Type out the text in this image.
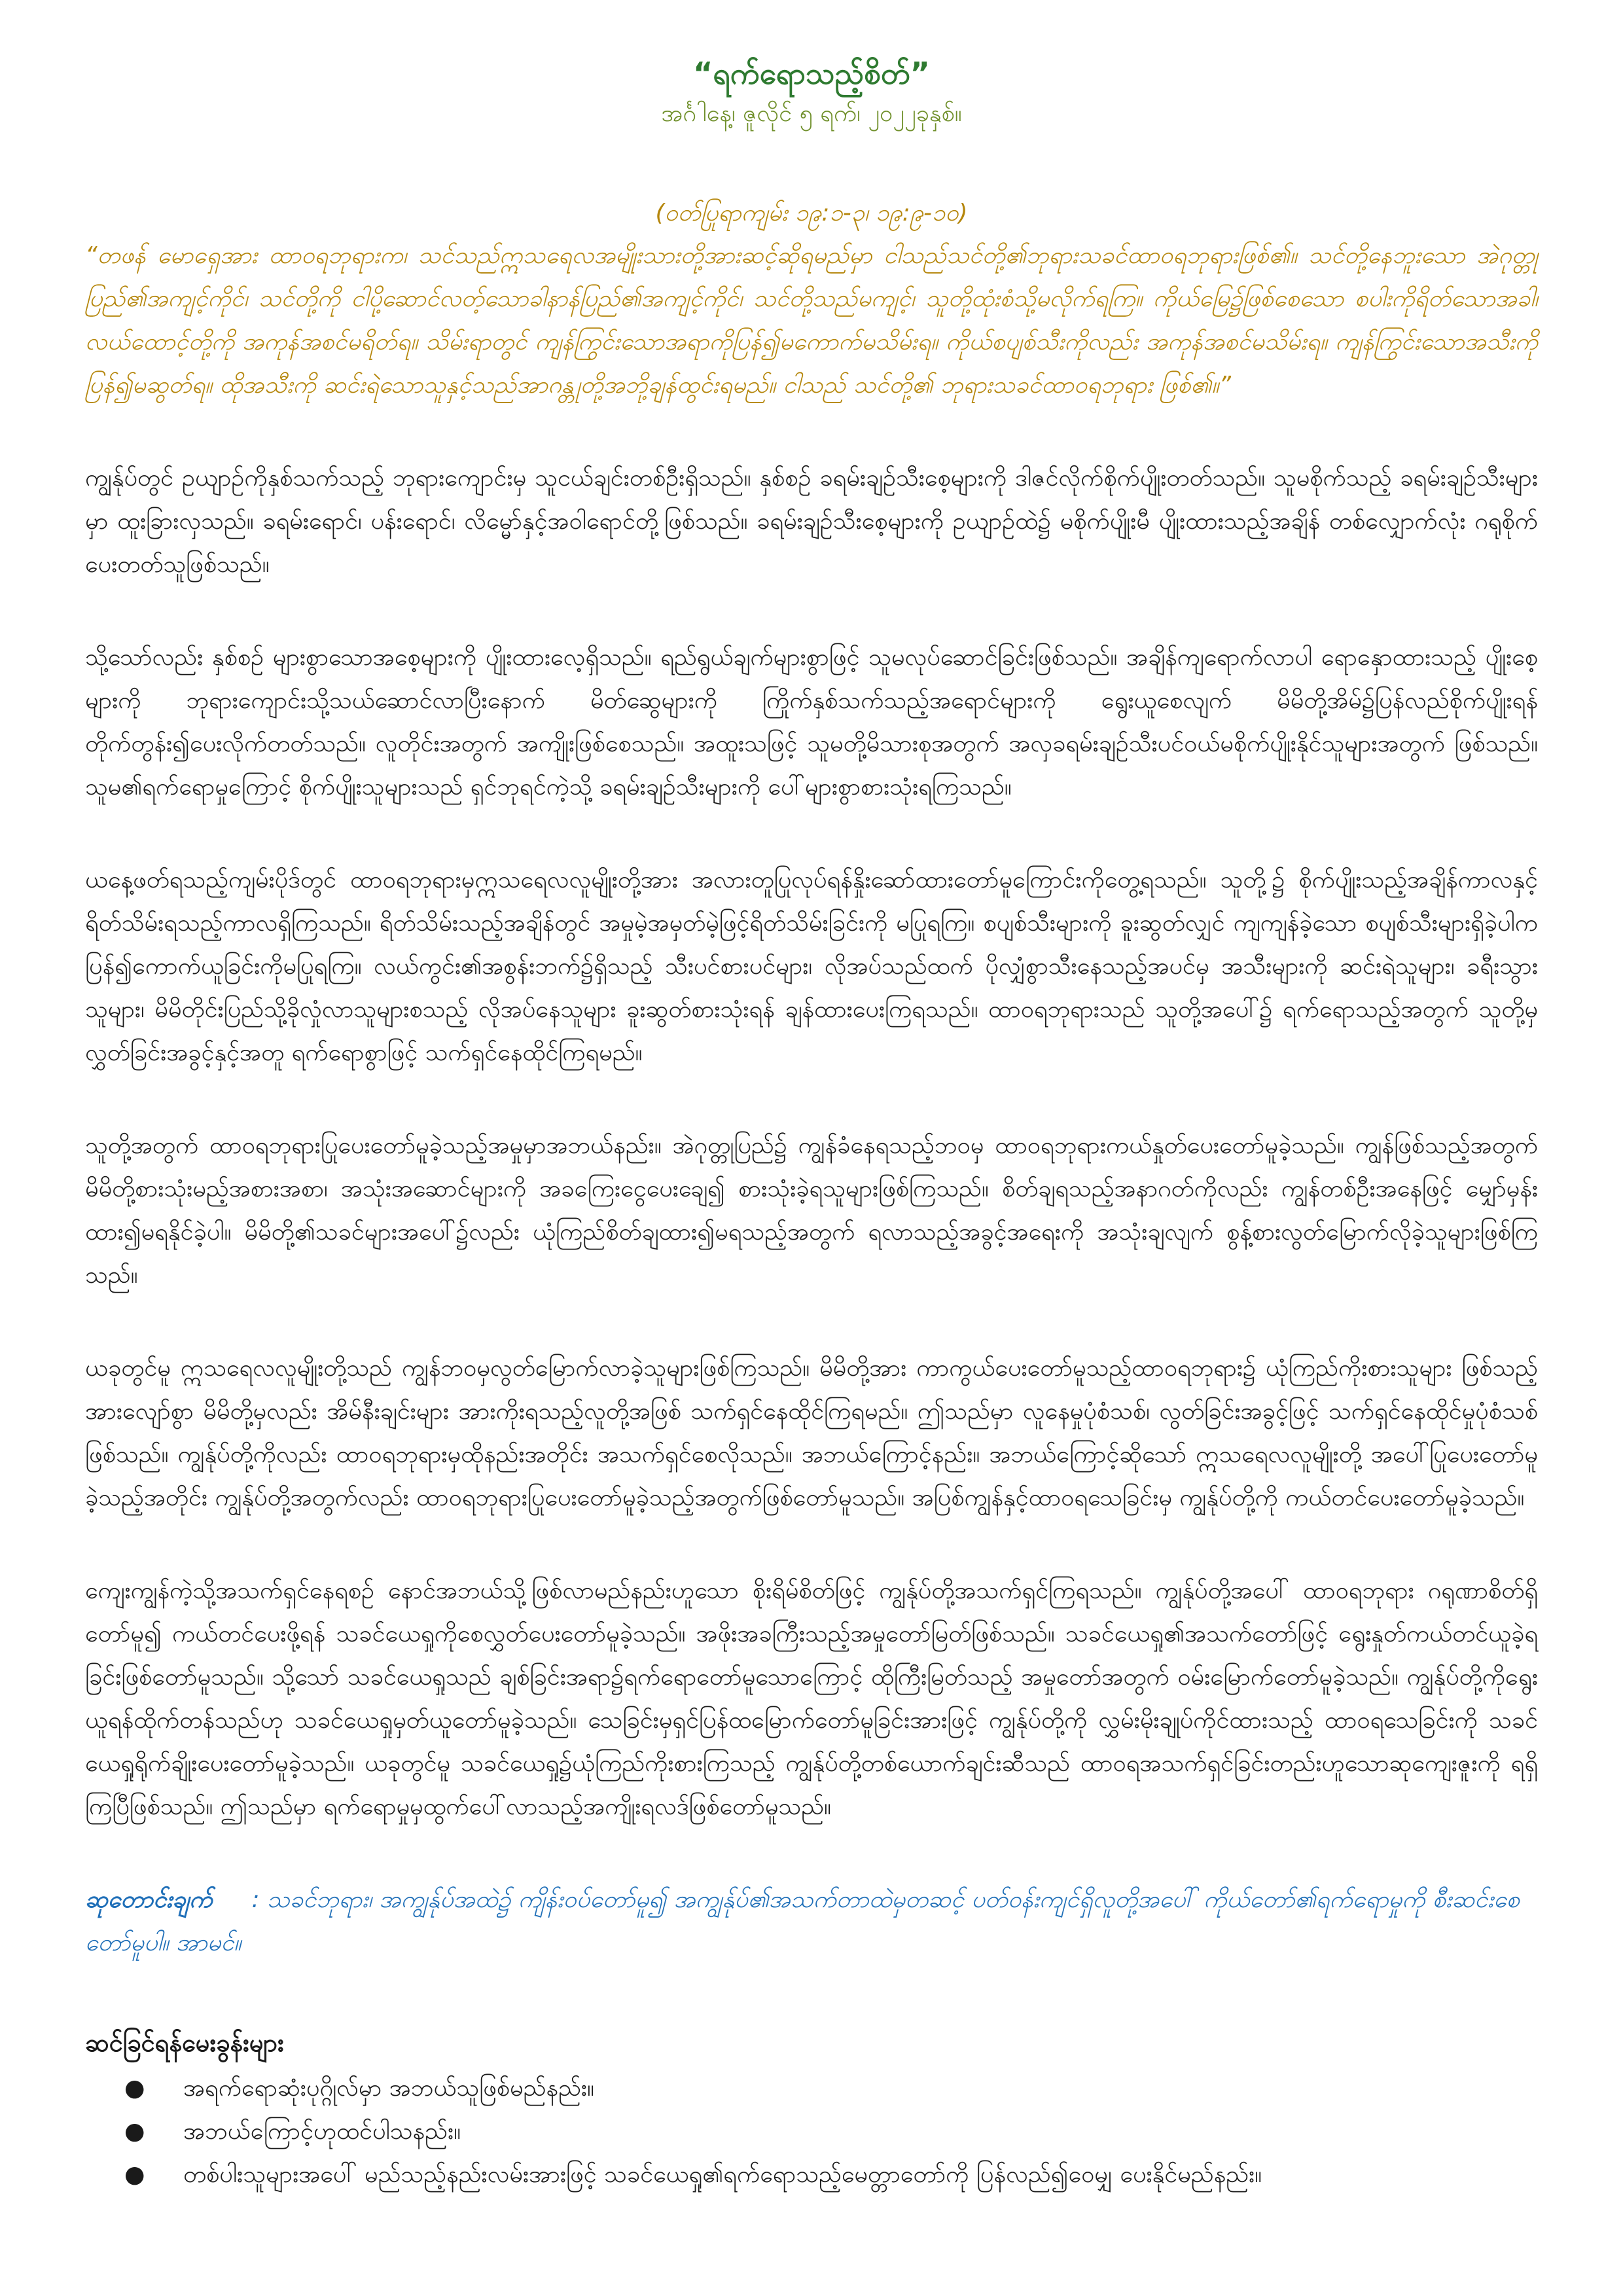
“ရက်ရောသည့်စိတ်”
အင်္ဂါနေ့၊ ဇူလိုင် ၅ ရက်၊ ၂၀၂၂ခုနှစ်။
(ဝတ်ပြုရာကျမ်း ၁၉:၁-၃၊ ၁၉:၉-၁၀)

“တဖန် မောရှေအား ထာဝရဘုရားက၊ သင်သည်ဣသရေလအမျိုးသားတို့အားဆင့်ဆိုရမည်မှာ ငါသည်သင်တို့၏ဘုရားသခင်ထာဝရဘုရားဖြစ်၏။ သင်တို့နေဘူးသော အဲဂုတ္တုပြည်၏အကျင့်ကိုင်၊ သင်တို့ကို ငါပို့ဆောင်လတ့်သောခါနာန်ပြည်၏အကျင့်ကိုင်၊ သင်တို့သည်မကျင့်၊ သူတို့ထုံးစံသို့မလိုက်ရကြ။ ကိုယ်မြေ၌ဖြစ်စေသော စပါးကိုရိတ်သောအခါ၊ လယ်ထောင့်တို့ကို အကုန်အစင်မရိတ်ရ။ သိမ်းရာတွင် ကျန်ကြွင်းသောအရာကိုပြန်၍မကောက်မသိမ်းရ။ ကိုယ်စပျစ်သီးကိုလည်း အကုန်အစင်မသိမ်းရ။ ကျန်ကြွင်းသောအသီးကို ပြန်၍မဆွတ်ရ။ ထိုအသီးကို ဆင်းရဲသောသူနှင့်သည်အာဂန္တုတို့အဘို့ချန်ထွင်းရမည်။ ငါသည် သင်တို့၏ ဘုရားသခင်ထာဝရဘုရား ဖြစ်၏။”

ကျွန်ုပ်တွင် ဥယျာဉ်ကိုနှစ်သက်သည့် ဘုရားကျောင်းမှ သူငယ်ချင်းတစ်ဦးရှိသည်။ နှစ်စဉ် ခရမ်းချဉ်သီးစေ့များကို ဒါဇင်လိုက်စိုက်ပျိုးတတ်သည်။ သူမစိုက်သည့် ခရမ်းချဉ်သီးများမှာ ထူးခြားလှသည်။ ခရမ်းရောင်၊ ပန်းရောင်၊ လိမ္မော်နှင့်အဝါရောင်တို့ဖြစ်သည်။ ခရမ်းချဉ်သီးစေ့များကို ဥယျာဉ်ထဲ၌ မစိုက်ပျိုးမီ ပျိုးထားသည့်အချိန် တစ်လျှောက်လုံး ဂရုစိုက်ပေးတတ်သူဖြစ်သည်။

သို့သော်လည်း နှစ်စဉ် များစွာသောအစေ့များကို ပျိုးထားလေ့ရှိသည်။ ရည်ရွယ်ချက်များစွာဖြင့် သူမလုပ်ဆောင်ခြင်းဖြစ်သည်။ အချိန်ကျရောက်လာပါ ရောနှောထားသည့် ပျိုးစေ့များကို ဘုရားကျောင်းသို့သယ်ဆောင်လာပြီးနောက် မိတ်ဆွေများကို ကြိုက်နှစ်သက်သည့်အရောင်များကို ရွေးယူစေလျက် မိမိတို့အိမ်၌ပြန်လည်စိုက်ပျိုးရန် တိုက်တွန်း၍ပေးလိုက်တတ်သည်။ လူတိုင်းအတွက် အကျိုးဖြစ်စေသည်။ အထူးသဖြင့် သူမတို့မိသားစုအတွက် အလှခရမ်းချဉ်သီးပင်ဝယ်မစိုက်ပျိုးနိုင်သူများအတွက် ဖြစ်သည်။ သူမ၏ရက်ရောမှုကြောင့် စိုက်ပျိုးသူများသည် ရှင်ဘုရင်ကဲ့သို့ ခရမ်းချဉ်သီးများကို ပေါ်များစွာစားသုံးရကြသည်။

ယနေ့ဖတ်ရသည့်ကျမ်းပိုဒ်တွင် ထာဝရဘုရားမှဣသရေလလူမျိုးတို့အား အလားတူပြုလုပ်ရန်နှိုးဆော်ထားတော်မူကြောင်းကိုတွေ့ရသည်။ သူတို့၌ စိုက်ပျိုးသည့်အချိန်ကာလနှင့် ရိတ်သိမ်းရသည့်ကာလရှိကြသည်။ ရိတ်သိမ်းသည့်အချိန်တွင် အမှုမဲ့အမှတ်မဲ့ဖြင့်ရိတ်သိမ်းခြင်းကို မပြုရကြ။ စပျစ်သီးများကို ခူးဆွတ်လျှင် ကျကျန်ခဲ့သော စပျစ်သီးများရှိခဲ့ပါက ပြန်၍ကောက်ယူခြင်းကိုမပြုရကြ။ လယ်ကွင်း၏အစွန်းဘက်၌ရှိသည့် သီးပင်စားပင်များ၊ လိုအပ်သည်ထက် ပိုလျှံစွာသီးနေသည့်အပင်မှ အသီးများကို ဆင်းရဲသူများ၊ ခရီးသွားသူများ၊ မိမိတိုင်းပြည်သို့ခိုလှုံလာသူများစသည့် လိုအပ်နေသူများ ခူးဆွတ်စားသုံးရန် ချန်ထားပေးကြရသည်။ ထာဝရဘုရားသည် သူတို့အပေါ်၌ ရက်ရောသည့်အတွက် သူတို့မှလွှတ်ခြင်းအခွင့်နှင့်အတူ ရက်ရောစွာဖြင့် သက်ရှင်နေထိုင်ကြရမည်။

သူတို့အတွက် ထာဝရဘုရားပြုပေးတော်မူခဲ့သည့်အမှုမှာအဘယ်နည်း။ အဲဂုတ္တုပြည်၌ ကျွန်ခံနေရသည့်ဘဝမှ ထာဝရဘုရားကယ်နှုတ်ပေးတော်မူခဲ့သည်။ ကျွန်ဖြစ်သည့်အတွက် မိမိတို့စားသုံးမည့်အစားအစာ၊ အသုံးအဆောင်များကို အခကြေးငွေပေးချေ၍ စားသုံးခဲ့ရသူများဖြစ်ကြသည်။ စိတ်ချရသည့်အနာဂတ်ကိုလည်း ကျွန်တစ်ဦးအနေဖြင့် မျှော်မှန်းထား၍မရနိုင်ခဲ့ပါ။ မိမိတို့၏သခင်များအပေါ်၌လည်း ယုံကြည်စိတ်ချထား၍မရသည့်အတွက် ရလာသည့်အခွင့်အရေးကို အသုံးချလျက် စွန့်စားလွတ်မြောက်လိုခဲ့သူများဖြစ်ကြသည်။

ယခုတွင်မူ ဣသရေလလူမျိုးတို့သည် ကျွန်ဘဝမှလွတ်မြောက်လာခဲ့သူများဖြစ်ကြသည်။ မိမိတို့အား ကာကွယ်ပေးတော်မူသည့်ထာဝရဘုရား၌ ယုံကြည်ကိုးစားသူများ ဖြစ်သည့်အားလျော်စွာ မိမိတို့မှလည်း အိမ်နီးချင်းများ အားကိုးရသည့်လူတို့အဖြစ် သက်ရှင်နေထိုင်ကြရမည်။ ဤသည်မှာ လူနေမှုပုံစံသစ်၊ လွတ်ခြင်းအခွင့်ဖြင့် သက်ရှင်နေထိုင်မှုပုံစံသစ်ဖြစ်သည်။ ကျွန်ုပ်တို့ကိုလည်း ထာဝရဘုရားမှထိုနည်းအတိုင်း အသက်ရှင်စေလိုသည်။ အဘယ်ကြောင့်နည်း။ အဘယ်ကြောင့်ဆိုသော် ဣသရေလလူမျိုးတို့ အပေါ်ပြုပေးတော်မူခဲ့သည့်အတိုင်း ကျွန်ုပ်တို့အတွက်လည်း ထာဝရဘုရားပြုပေးတော်မူခဲ့သည့်အတွက်ဖြစ်တော်မူသည်။ အပြစ်ကျွန်နှင့်ထာဝရသေခြင်းမှ ကျွန်ုပ်တို့ကို ကယ်တင်ပေးတော်မူခဲ့သည်။

ကျေးကျွန်ကဲ့သို့အသက်ရှင်နေရစဉ် နောင်အဘယ်သို့ဖြစ်လာမည်နည်းဟူသော စိုးရိမ်စိတ်ဖြင့် ကျွန်ုပ်တို့အသက်ရှင်ကြရသည်။ ကျွန်ုပ်တို့အပေါ် ထာဝရဘုရား ဂရုဏာစိတ်ရှိတော်မူ၍ ကယ်တင်ပေးဖို့ရန် သခင်ယေရှုကိုစေလွှတ်ပေးတော်မူခဲ့သည်။ အဖိုးအခကြီးသည့်အမှုတော်မြတ်ဖြစ်သည်။ သခင်ယေရှု၏အသက်တော်ဖြင့် ရွေးနှုတ်ကယ်တင်ယူခဲ့ရခြင်းဖြစ်တော်မူသည်။ သို့သော် သခင်ယေရှုသည် ချစ်ခြင်းအရာ၌ရက်ရောတော်မူသောကြောင့် ထိုကြီးမြတ်သည့် အမှုတော်အတွက် ဝမ်းမြောက်တော်မူခဲ့သည်။ ကျွန်ုပ်တို့ကိုရွေးယူရန်ထိုက်တန်သည်ဟု သခင်ယေရှုမှတ်ယူတော်မူခဲ့သည်။ သေခြင်းမှရှင်ပြန်ထမြောက်တော်မူခြင်းအားဖြင့် ကျွန်ုပ်တို့ကို လွှမ်းမိုးချုပ်ကိုင်ထားသည့် ထာဝရသေခြင်းကို သခင်ယေရှုရိုက်ချိုးပေးတော်မူခဲ့သည်။ ယခုတွင်မူ သခင်ယေရှု၌ယုံကြည်ကိုးစားကြသည့် ကျွန်ုပ်တို့တစ်ယောက်ချင်းဆီသည် ထာဝရအသက်ရှင်ခြင်းတည်းဟူသောဆုကျေးဇူးကို ရရှိကြပြီဖြစ်သည်။ ဤသည်မှာ ရက်ရောမှုမှထွက်ပေါ်လာသည့်အကျိုးရလဒ်ဖြစ်တော်မူသည်။

ဆုတောင်းချက် : သခင်ဘုရား၊ အကျွန်ုပ်အထဲ၌ ကျိန်းဝပ်တော်မူ၍ အကျွန်ုပ်၏အသက်တာထဲမှတဆင့် ပတ်ဝန်းကျင်ရှိလူတို့အပေါ် ကိုယ်တော်၏ရက်ရောမှုကို စီးဆင်းစေတော်မူပါ။ အာမင်။

ဆင်ခြင်ရန်မေးခွန်းများ
● အရက်ရောဆုံးပုဂ္ဂိုလ်မှာ အဘယ်သူဖြစ်မည်နည်း။
● အဘယ်ကြောင့်ဟုထင်ပါသနည်း။
● တစ်ပါးသူများအပေါ် မည်သည့်နည်းလမ်းအားဖြင့် သခင်ယေရှု၏ရက်ရောသည့်မေတ္တာတော်ကို ပြန်လည်၍ဝေမျှ ပေးနိုင်မည်နည်း။
